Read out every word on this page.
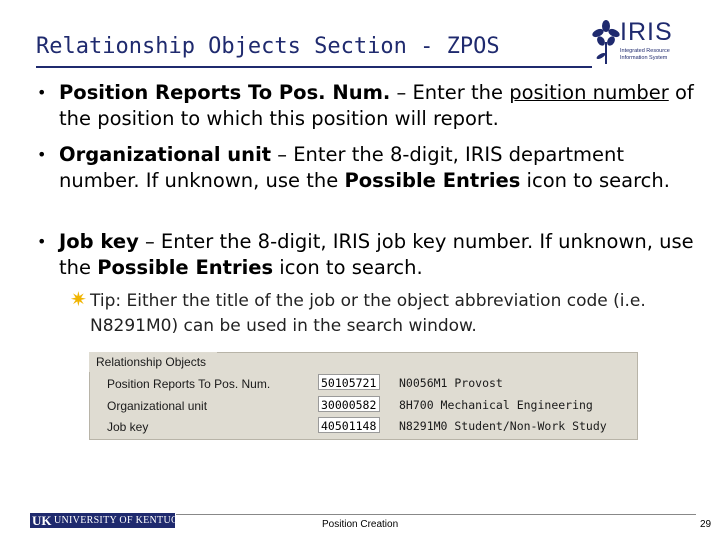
Relationship Objects Section - ZPOS
IRIS
Integrated Resource
Information System
• Position Reports To Pos. Num. – Enter the position number of the position to which this position will report.
• Organizational unit – Enter the 8-digit, IRIS department number. If unknown, use the Possible Entries icon to search.
• Job key – Enter the 8-digit, IRIS job key number. If unknown, use the Possible Entries icon to search.
✷ Tip: Either the title of the job or the object abbreviation code (i.e. N8291M0) can be used in the search window.
Relationship Objects
Position Reports To Pos. Num.	50105721	N0056M1 Provost
Organizational unit	30000582	8H700 Mechanical Engineering
Job key	40501148	N8291M0 Student/Non-Work Study
UK UNIVERSITY OF KENTUCKY	Position Creation	29
